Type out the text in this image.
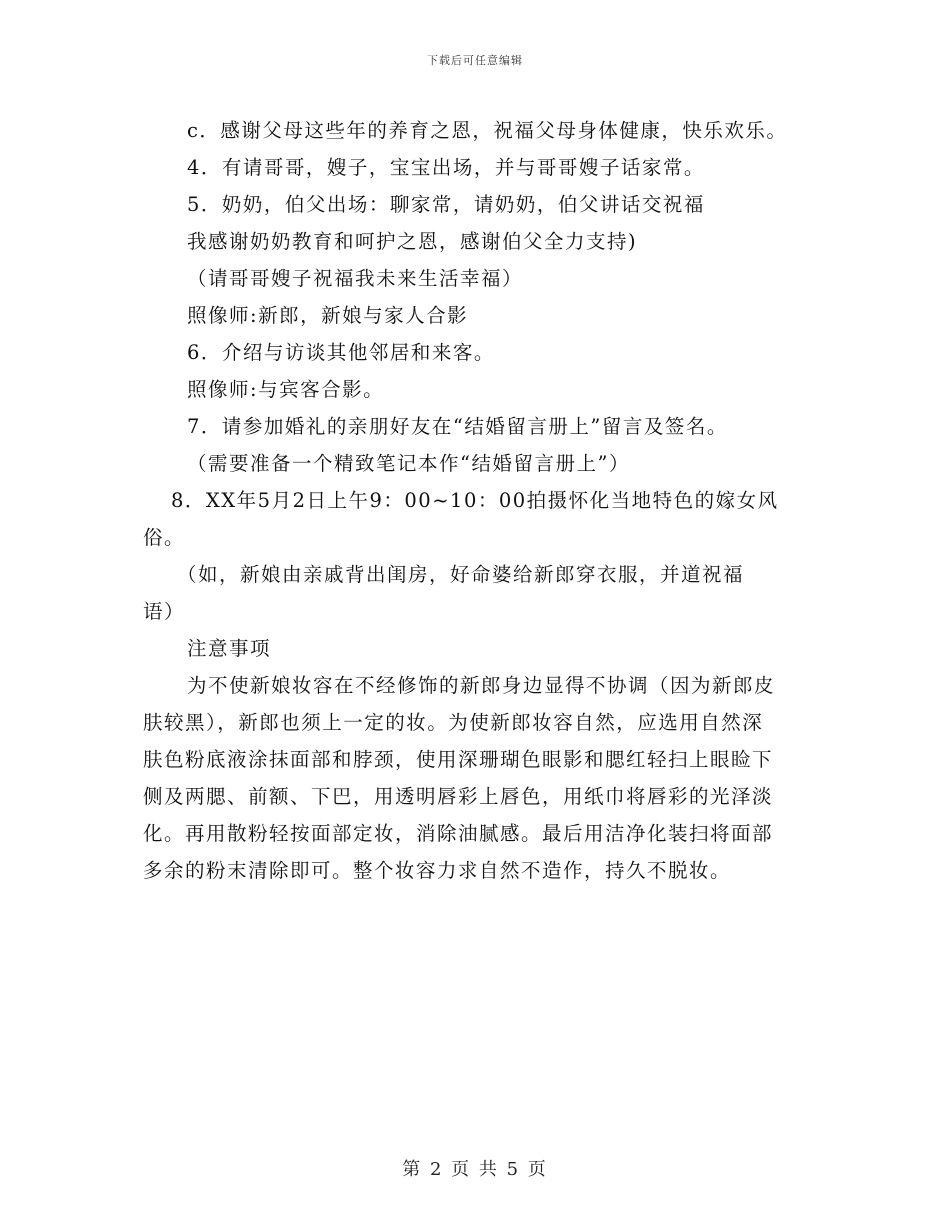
下载后可任意编辑
c．感谢父母这些年的养育之恩，祝福父母身体健康，快乐欢乐。
4．有请哥哥，嫂子，宝宝出场，并与哥哥嫂子话家常。
5．奶奶，伯父出场：聊家常，请奶奶，伯父讲话交祝福
我感谢奶奶教育和呵护之恩，感谢伯父全力支持)
（请哥哥嫂子祝福我未来生活幸福）
照像师:新郎，新娘与家人合影
6．介绍与访谈其他邻居和来客。
照像师:与宾客合影。
7．请参加婚礼的亲朋好友在“结婚留言册上”留言及签名。
（需要准备一个精致笔记本作“结婚留言册上”）
8．XX年5月2日上午9：00~10：00拍摄怀化当地特色的嫁女风
俗。
（如，新娘由亲戚背出闺房，好命婆给新郎穿衣服，并道祝福
语）
注意事项
为不使新娘妆容在不经修饰的新郎身边显得不协调（因为新郎皮
肤较黑），新郎也须上一定的妆。为使新郎妆容自然，应选用自然深
肤色粉底液涂抹面部和脖颈，使用深珊瑚色眼影和腮红轻扫上眼睑下
侧及两腮、前额、下巴，用透明唇彩上唇色，用纸巾将唇彩的光泽淡
化。再用散粉轻按面部定妆，消除油腻感。最后用洁净化装扫将面部
多余的粉末清除即可。整个妆容力求自然不造作，持久不脱妆。
第 2 页 共 5 页
